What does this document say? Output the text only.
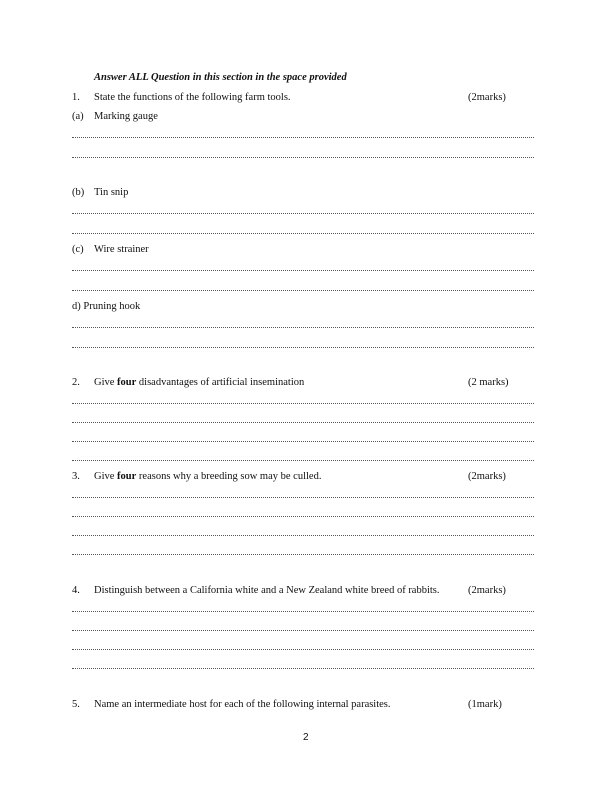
Answer ALL Question in this section in the space provided
1. State the functions of the following farm tools.	(2marks)
(a) Marking gauge
(b) Tin snip
(c) Wire strainer
d) Pruning hook
2. Give four disadvantages of artificial insemination	(2 marks)
3. Give four reasons why a breeding sow may be culled.	(2marks)
4. Distinguish between a California white and a New Zealand white breed of rabbits.	(2marks)
5. Name an intermediate host for each of the following internal parasites.	(1mark)
2
